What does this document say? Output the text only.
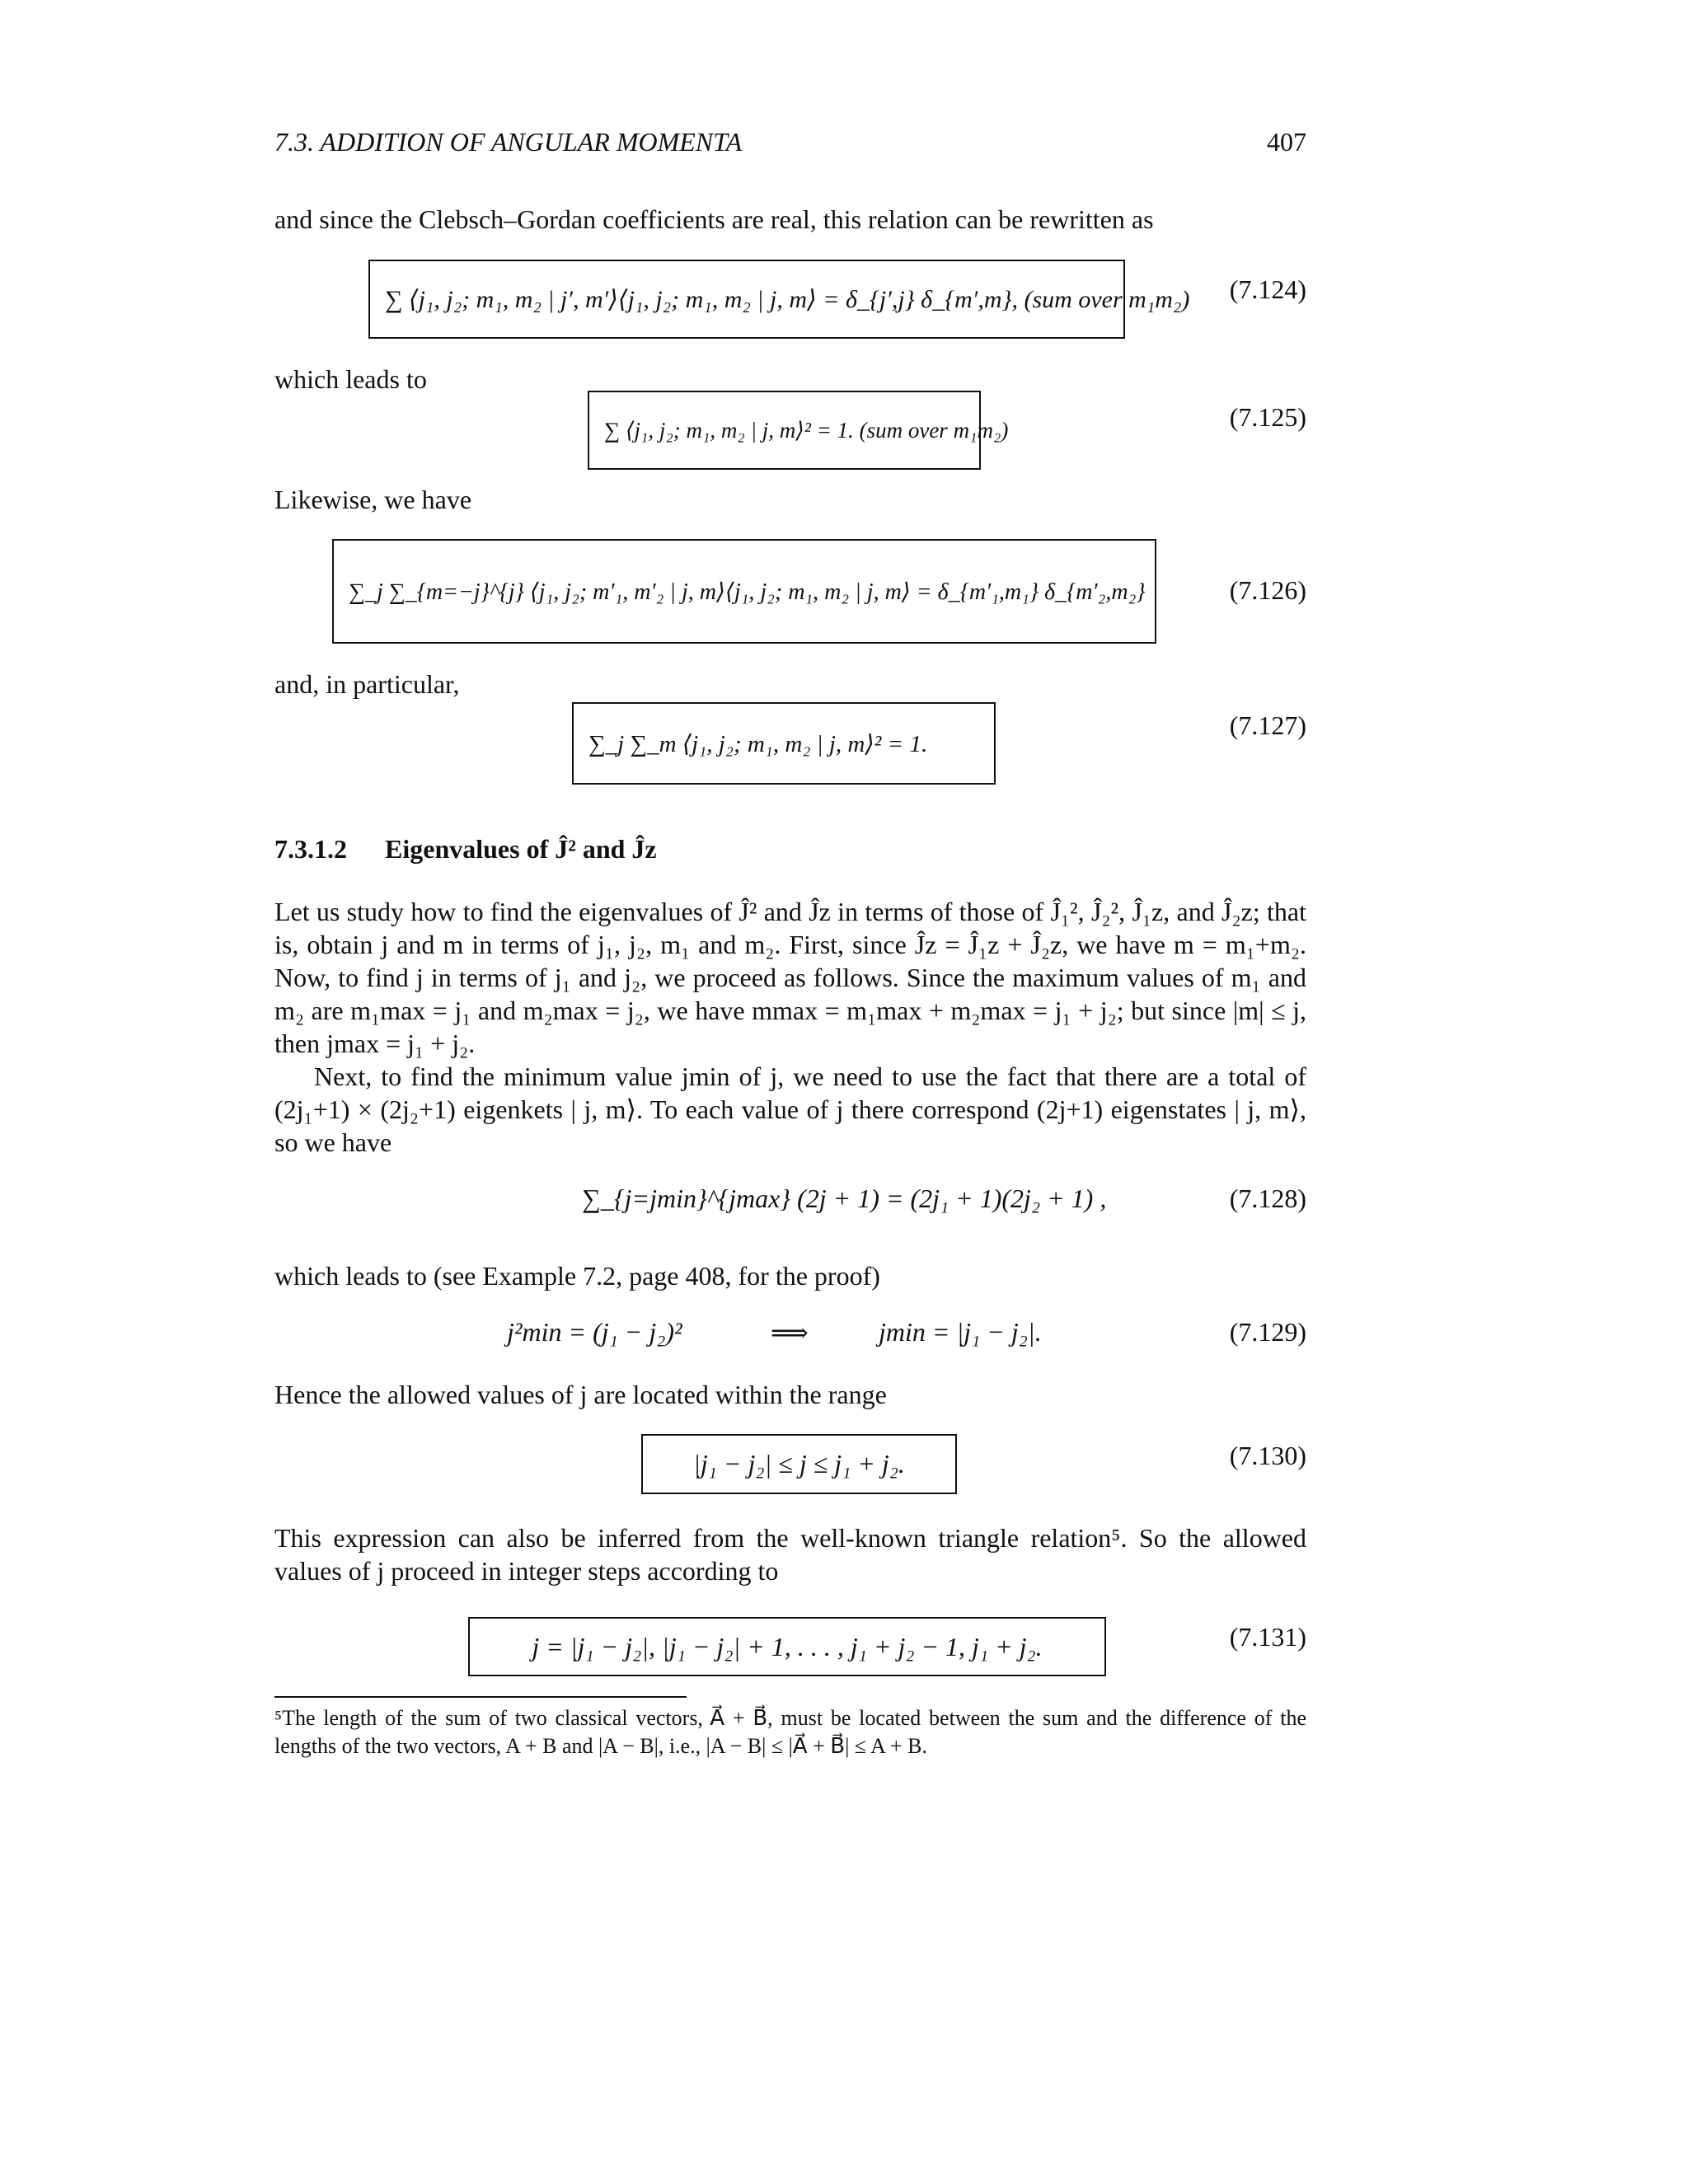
7.3. ADDITION OF ANGULAR MOMENTA	407
and since the Clebsch–Gordan coefficients are real, this relation can be rewritten as
∑ ⟨j₁, j₂; m₁, m₂ | j′, m′⟩⟨j₁, j₂; m₁, m₂ | j, m⟩ = δ_{j′,j} δ_{m′,m}, (sum over m₁m₂) (7.124)
which leads to
∑ ⟨j₁, j₂; m₁, m₂ | j, m⟩² = 1. (sum over m₁m₂)	(7.125)
Likewise, we have
∑_j ∑_{m=−j}^{j} ⟨j₁, j₂; m′₁, m′₂ | j, m⟩⟨j₁, j₂; m₁, m₂ | j, m⟩ = δ_{m′₁,m₁} δ_{m′₂,m₂}	(7.126)
and, in particular,
∑_j ∑_m ⟨j₁, j₂; m₁, m₂ | j, m⟩² = 1.
(7.127)
7.3.1.2 Eigenvalues of Ĵ² and Ĵz
Let us study how to find the eigenvalues of Ĵ² and Ĵz in terms of those of Ĵ₁², Ĵ₂², Ĵ₁z, and Ĵ₂z; that is, obtain j and m in terms of j₁, j₂, m₁ and m₂. First, since Ĵz = Ĵ₁z + Ĵ₂z, we have m = m₁+m₂. Now, to find j in terms of j₁ and j₂, we proceed as follows. Since the maximum values of m₁ and m₂ are m₁max = j₁ and m₂max = j₂, we have mmax = m₁max + m₂max = j₁ + j₂; but since |m| ≤ j, then jmax = j₁ + j₂.
Next, to find the minimum value jmin of j, we need to use the fact that there are a total of (2j₁+1) × (2j₂+1) eigenkets | j, m⟩. To each value of j there correspond (2j+1) eigenstates | j, m⟩, so we have
∑_{j=jmin}^{jmax} (2j + 1) = (2j₁ + 1)(2j₂ + 1) ,	(7.128)
which leads to (see Example 7.2, page 408, for the proof)
j²min = (j₁ − j₂)²	⟹	jmin = |j₁ − j₂|.	(7.129)
Hence the allowed values of j are located within the range
|j₁ − j₂| ≤ j ≤ j₁ + j₂.	(7.130)
This expression can also be inferred from the well-known triangle relation⁵. So the allowed values of j proceed in integer steps according to
j = |j₁ − j₂|, |j₁ − j₂| + 1, . . . , j₁ + j₂ − 1, j₁ + j₂.	(7.131)
⁵The length of the sum of two classical vectors, A⃗ + B⃗, must be located between the sum and the difference of the lengths of the two vectors, A + B and |A − B|, i.e., |A − B| ≤ |A⃗ + B⃗| ≤ A + B.
